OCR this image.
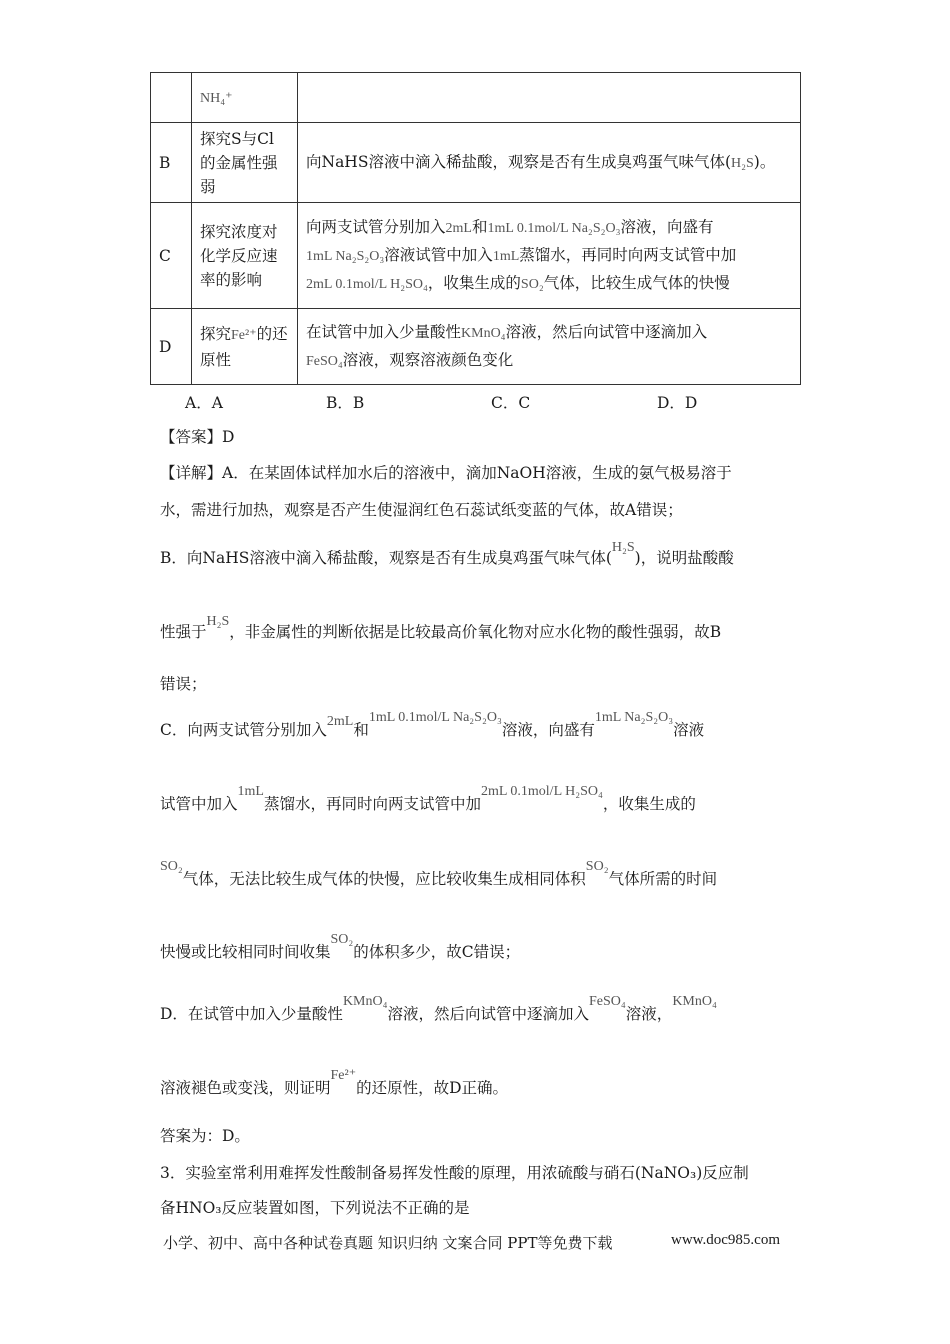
	NH₄⁺	
B	探究S与Cl的金属性强弱	向NaHS溶液中滴入稀盐酸，观察是否有生成臭鸡蛋气味气体(H₂S)。
C	探究浓度对化学反应速率的影响	向两支试管分别加入2mL和1mL 0.1mol/L Na₂S₂O₃溶液，向盛有
1mL Na₂S₂O₃溶液试管中加入1mL蒸馏水，再同时向两支试管中加
2mL 0.1mol/L H₂SO₄，收集生成的SO₂气体，比较生成气体的快慢
D	探究Fe²⁺的还原性	在试管中加入少量酸性KMnO₄溶液，然后向试管中逐滴加入
FeSO₄溶液，观察溶液颜色变化
A．A	B．B	C．C	D．D
【答案】D
【详解】A．在某固体试样加水后的溶液中，滴加NaOH溶液，生成的氨气极易溶于
水，需进行加热，观察是否产生使湿润红色石蕊试纸变蓝的气体，故A错误；
B．向NaHS溶液中滴入稀盐酸，观察是否有生成臭鸡蛋气味气体(H₂S)，说明盐酸酸
性强于H₂S，非金属性的判断依据是比较最高价氧化物对应水化物的酸性强弱，故B
错误；
C．向两支试管分别加入2mL和1mL 0.1mol/L Na₂S₂O₃溶液，向盛有1mL Na₂S₂O₃溶液
试管中加入1mL蒸馏水，再同时向两支试管中加2mL 0.1mol/L H₂SO₄，收集生成的
SO₂气体，无法比较生成气体的快慢，应比较收集生成相同体积SO₂气体所需的时间
快慢或比较相同时间收集SO₂的体积多少，故C错误；
D．在试管中加入少量酸性KMnO₄溶液，然后向试管中逐滴加入FeSO₄溶液，KMnO₄
溶液褪色或变浅，则证明Fe²⁺的还原性，故D正确。
答案为：D。
3．实验室常利用难挥发性酸制备易挥发性酸的原理，用浓硫酸与硝石(NaNO₃)反应制
备HNO₃反应装置如图，下列说法不正确的是
小学、初中、高中各种试卷真题 知识归纳 文案合同 PPT等免费下载	www.doc985.com
